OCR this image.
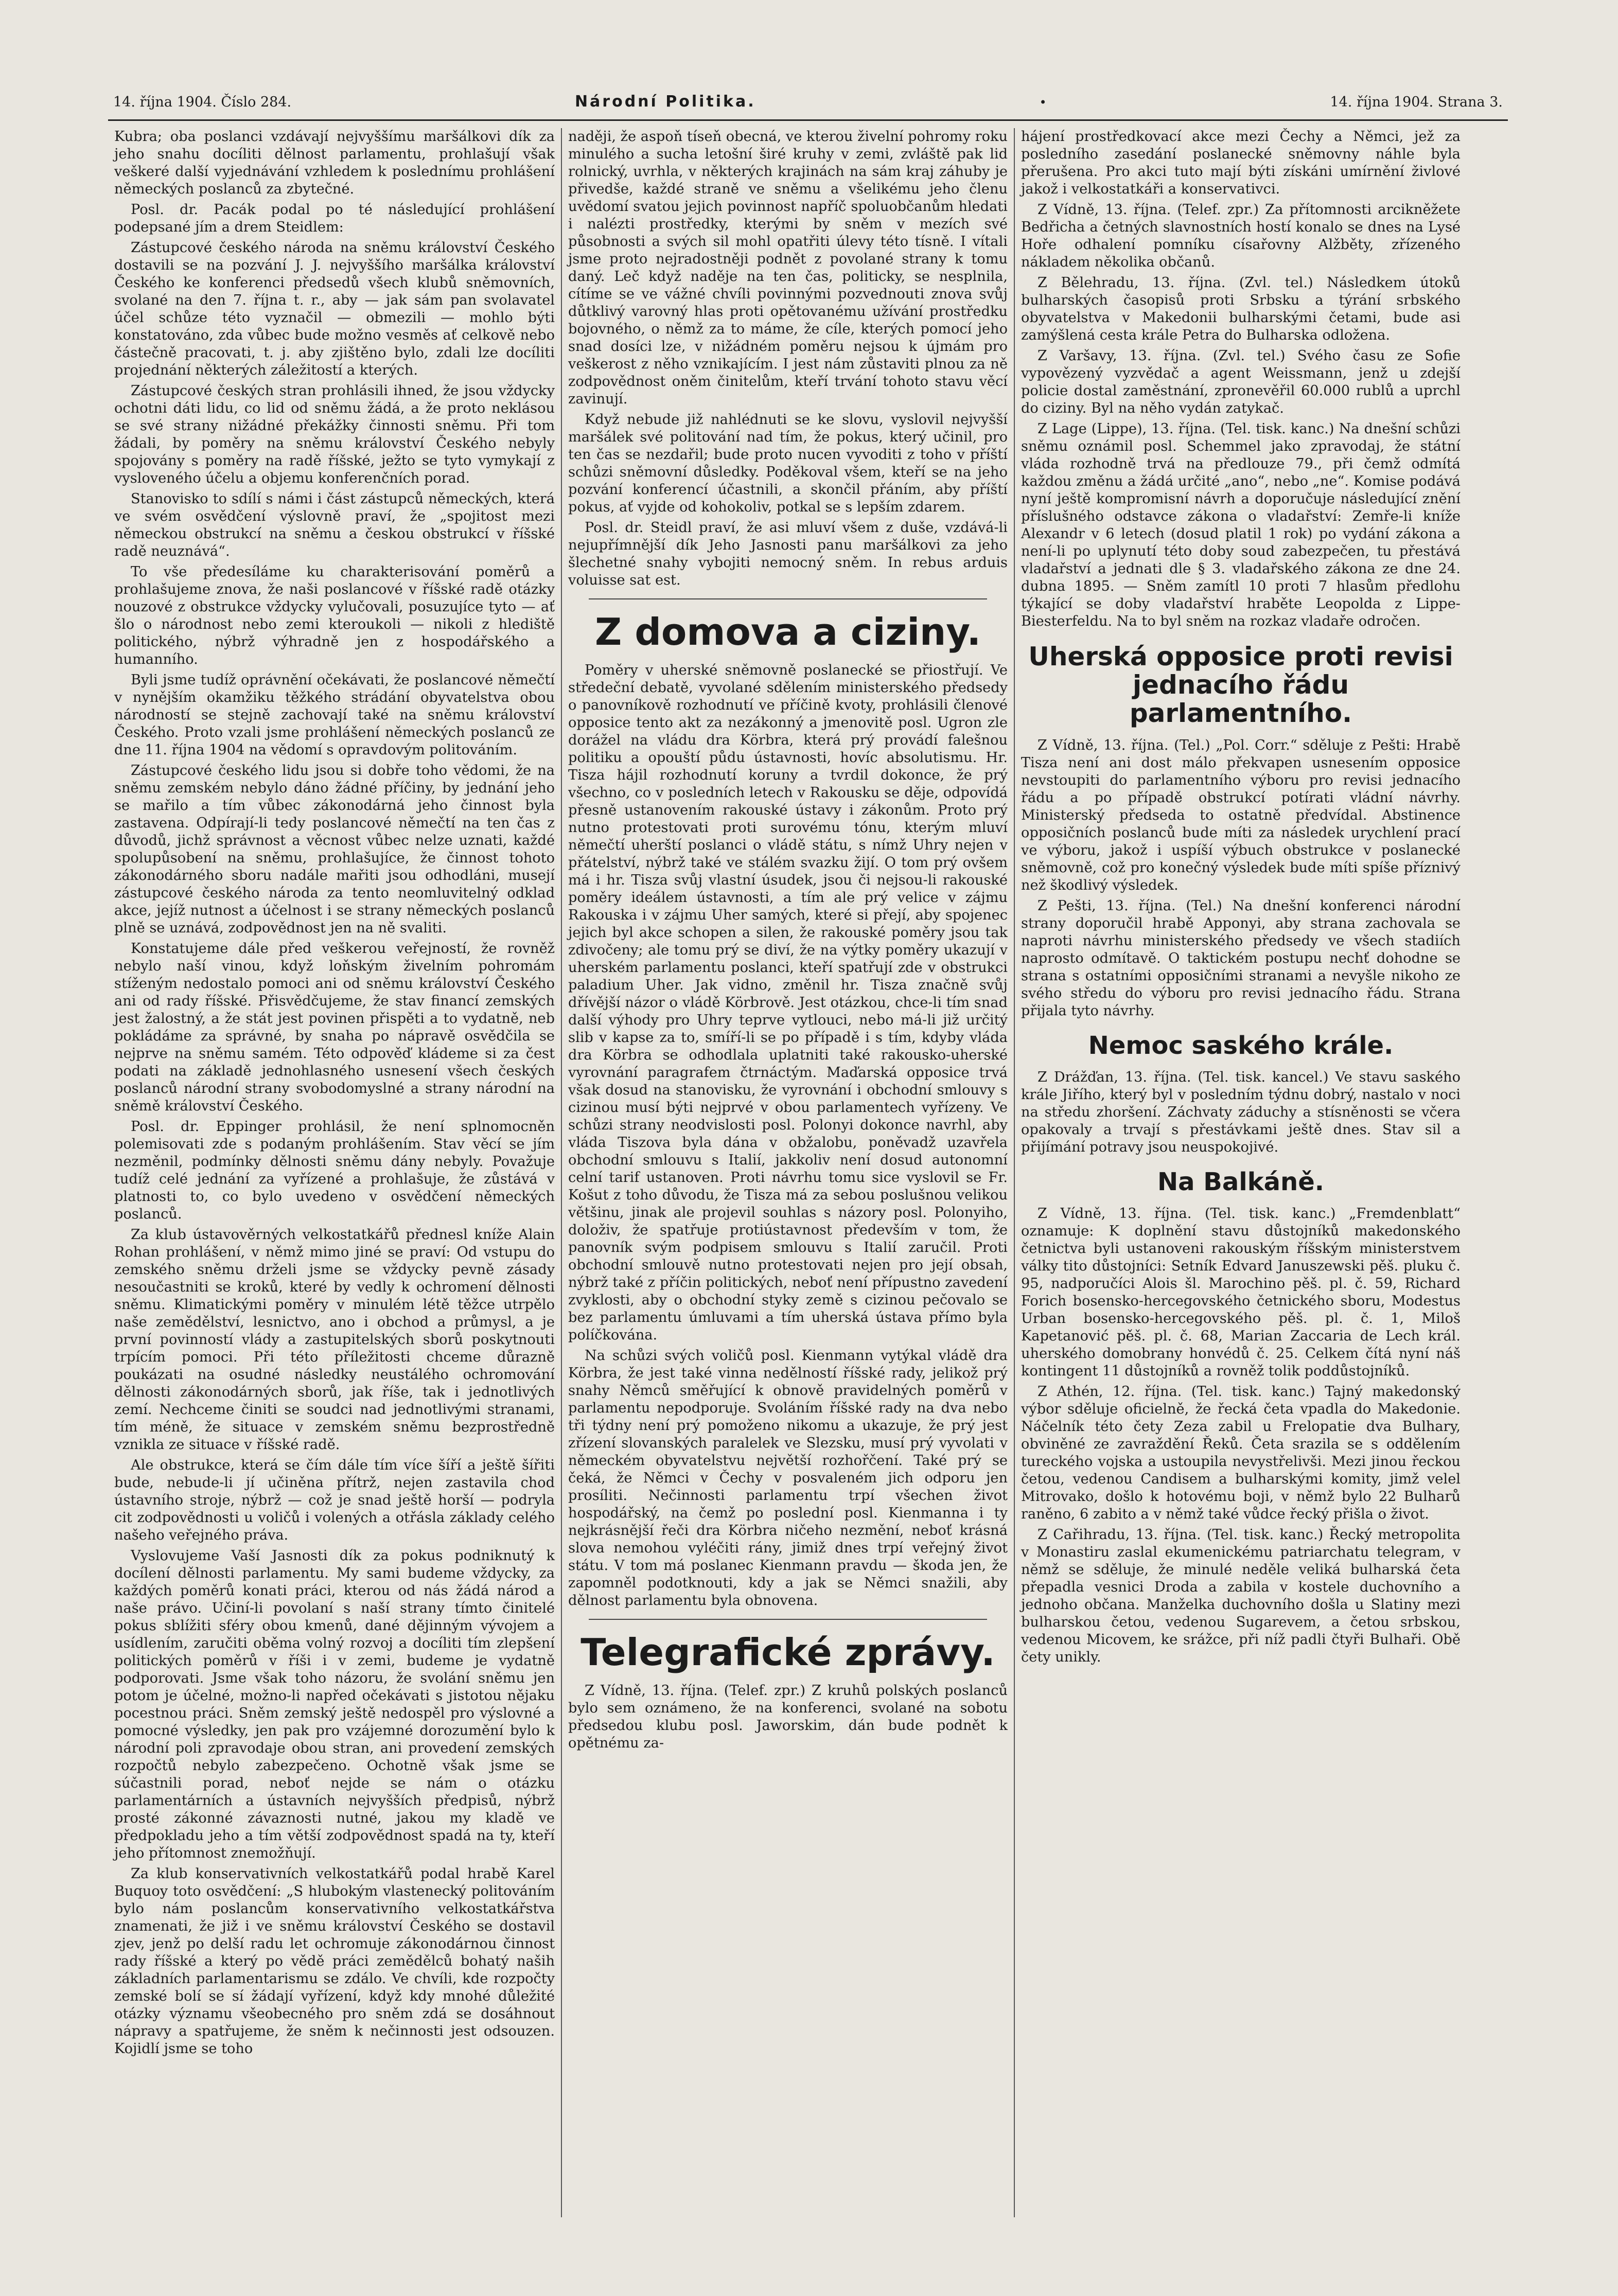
14. října 1904. Číslo 284.	Národní Politika.	•	14. října 1904. Strana 3.

Kubra; oba poslanci vzdávají nejvyššímu maršálkovi dík za jeho snahu docíliti dělnost parlamentu, prohlašují však veškeré další vyjednávání vzhledem k poslednímu prohlášení německých poslanců za zbytečné.

Posl. dr. Pacák podal po té následující prohlášení podepsané jím a drem Steidlem:

Zástupcové českého národa na sněmu království Českého dostavili se na pozvání J. J. nejvyššího maršálka království Českého ke konferenci předsedů všech klubů sněmovních, svolané na den 7. října t. r., aby — jak sám pan svolavatel účel schůze této vyznačil — obmezili — mohlo býti konstatováno, zda vůbec bude možno vesměs ať celkově nebo částečně pracovati, t. j. aby zjištěno bylo, zdali lze docíliti projednání některých záležitostí a kterých.

Zástupcové českých stran prohlásili ihned, že jsou vždycky ochotni dáti lidu, co lid od sněmu žádá, a že proto neklásou se své strany nižádné překážky činnosti sněmu. Při tom žádali, by poměry na sněmu království Českého nebyly spojovány s poměry na radě říšské, ježto se tyto vymykají z vysloveného účelu a objemu konferenčních porad.

Stanovisko to sdílí s námi i část zástupců německých, která ve svém osvědčení výslovně praví, že „spojitost mezi německou obstrukcí na sněmu a českou obstrukcí v říšské radě neuznává“.

To vše předesíláme ku charakterisování poměrů a prohlašujeme znova, že naši poslancové v říšské radě otázky nouzové z obstrukce vždycky vylučovali, posuzujíce tyto — ať šlo o národnost nebo zemi kteroukoli — nikoli z hlediště politického, nýbrž výhradně jen z hospodářského a humanního.

Byli jsme tudíž oprávnění očekávati, že poslancové němečtí v nynějším okamžiku těžkého strádání obyvatelstva obou národností se stejně zachovají také na sněmu království Českého. Proto vzali jsme prohlášení německých poslanců ze dne 11. října 1904 na vědomí s opravdovým politováním.

Zástupcové českého lidu jsou si dobře toho vědomi, že na sněmu zemském nebylo dáno žádné příčiny, by jednání jeho se mařilo a tím vůbec zákonodárná jeho činnost byla zastavena. Odpírají-li tedy poslancové němečtí na ten čas z důvodů, jichž správnost a věcnost vůbec nelze uznati, každé spolupůsobení na sněmu, prohlašujíce, že činnost tohoto zákonodárného sboru nadále mařiti jsou odhodláni, musejí zástupcové českého národa za tento neomluvitelný odklad akce, jejíž nutnost a účelnost i se strany německých poslanců plně se uznává, zodpovědnost jen na ně svaliti.

Konstatujeme dále před veškerou veřejností, že rovněž nebylo naší vinou, když loňským živelním pohromám stíženým nedostalo pomoci ani od sněmu království Českého ani od rady říšské. Přisvědčujeme, že stav financí zemských jest žalostný, a že stát jest povinen přispěti a to vydatně, neb pokládáme za správné, by snaha po nápravě osvědčila se nejprve na sněmu samém. Této odpověď kládeme si za čest podati na základě jednohlasného usnesení všech českých poslanců národní strany svobodomyslné a strany národní na sněmě království Českého.

Posl. dr. Eppinger prohlásil, že není splnomocněn polemisovati zde s podaným prohlášením. Stav věcí se jím nezměnil, podmínky dělnosti sněmu dány nebyly. Považuje tudíž celé jednání za vyřízené a prohlašuje, že zůstává v platnosti to, co bylo uvedeno v osvědčení německých poslanců.

Za klub ústavověrných velkostatkářů přednesl kníže Alain Rohan prohlášení, v němž mimo jiné se praví: Od vstupu do zemského sněmu drželi jsme se vždycky pevně zásady nesoučastniti se kroků, které by vedly k ochromení dělnosti sněmu. Klimatickými poměry v minulém létě těžce utrpělo naše zemědělství, lesnictvo, ano i obchod a průmysl, a je první povinností vlády a zastupitelských sborů poskytnouti trpícím pomoci. Při této příležitosti chceme důrazně poukázati na osudné následky neustálého ochromování dělnosti zákonodárných sborů, jak říše, tak i jednotlivých zemí. Nechceme činiti se soudci nad jednotlivými stranami, tím méně, že situace v zemském sněmu bezprostředně vznikla ze situace v říšské radě.

Ale obstrukce, která se čím dále tím více šíří a ještě šířiti bude, nebude-li jí učiněna přítrž, nejen zastavila chod ústavního stroje, nýbrž — což je snad ještě horší — podryla cit zodpovědnosti u voličů i volených a otřásla základy celého našeho veřejného práva.

Vyslovujeme Vaší Jasnosti dík za pokus podniknutý k docílení dělnosti parlamentu. My sami budeme vždycky, za každých poměrů konati práci, kterou od nás žádá národ a naše právo. Učiní-li povolaní s naší strany tímto činitelé pokus sblížiti sféry obou kmenů, dané dějinným vývojem a usídlením, zaručiti oběma volný rozvoj a docíliti tím zlepšení politických poměrů v říši i v zemi, budeme je vydatně podporovati. Jsme však toho názoru, že svolání sněmu jen potom je účelné, možno-li napřed očekávati s jistotou nějaku pocestnou práci. Sněm zemský ještě nedospěl pro výslovné a pomocné výsledky, jen pak pro vzájemné dorozumění bylo k národní poli zpravodaje obou stran, ani provedení zemských rozpočtů nebylo zabezpečeno. Ochotně však jsme se súčastnili porad, neboť nejde se nám o otázku parlamentárních a ústavních nejvyšších předpisů, nýbrž prosté zákonné závaznosti nutné, jakou my kladě ve předpokladu jeho a tím větší zodpovědnost spadá na ty, kteří jeho přítomnost znemožňují.

Za klub konservativních velkostatkářů podal hrabě Karel Buquoy toto osvědčení: „S hlubokým vlastenecký politováním bylo nám poslancům konservativního velkostatkářstva znamenati, že již i ve sněmu království Českého se dostavil zjev, jenž po delší radu let ochromuje zákonodárnou činnost rady říšské a který po vědě práci zemědělců bohatý naših základních parlamentarismu se zdálo. Ve chvíli, kde rozpočty zemské bolí se sí žádají vyřízení, když kdy mnohé důležité otázky významu všeobecného pro sněm zdá se dosáhnout nápravy a spatřujeme, že sněm k nečinnosti jest odsouzen. Kojidlí jsme se toho

naději, že aspoň tíseň obecná, ve kterou živelní pohromy roku minulého a sucha letošní širé kruhy v zemi, zvláště pak lid rolnický, uvrhla, v některých krajinách na sám kraj záhuby je přivedše, každé straně ve sněmu a všelikému jeho členu uvědomí svatou jejich povinnost napříč spoluobčanům hledati i nalézti prostředky, kterými by sněm v mezích své působnosti a svých sil mohl opatřiti úlevy této tísně. I vítali jsme proto nejradostněji podnět z povolané strany k tomu daný. Leč když naděje na ten čas, politicky, se nesplnila, cítíme se ve vážné chvíli povinnými pozvednouti znova svůj důtklivý varovný hlas proti opětovanému užívání prostředku bojovného, o němž za to máme, že cíle, kterých pomocí jeho snad dosíci lze, v nižádném poměru nejsou k újmám pro veškerost z něho vznikajícím. I jest nám zůstaviti plnou za ně zodpovědnost oněm činitelům, kteří trvání tohoto stavu věcí zavinují.

Když nebude již nahlédnuti se ke slovu, vyslovil nejvyšší maršálek své politování nad tím, že pokus, který učinil, pro ten čas se nezdařil; bude proto nucen vyvoditi z toho v příští schůzi sněmovní důsledky. Poděkoval všem, kteří se na jeho pozvání konferencí účastnili, a skončil přáním, aby příští pokus, ať vyjde od kohokoliv, potkal se s lepším zdarem.

Posl. dr. Steidl praví, že asi mluví všem z duše, vzdává-li nejupřímnější dík Jeho Jasnosti panu maršálkovi za jeho šlechetné snahy vybojiti nemocný sněm. In rebus arduis voluisse sat est.

Z domova a ciziny.

Poměry v uherské sněmovně poslanecké se přiostřují. Ve středeční debatě, vyvolané sdělením ministerského předsedy o panovníkově rozhodnutí ve příčině kvoty, prohlásili členové opposice tento akt za nezákonný a jmenovitě posl. Ugron zle dorážel na vládu dra Körbra, která prý provádí falešnou politiku a opouští půdu ústavnosti, hovíc absolutismu. Hr. Tisza hájil rozhodnutí koruny a tvrdil dokonce, že prý všechno, co v posledních letech v Rakousku se děje, odpovídá přesně ustanovením rakouské ústavy i zákonům. Proto prý nutno protestovati proti surovému tónu, kterým mluví němečtí uherští poslanci o vládě státu, s nímž Uhry nejen v přátelství, nýbrž také ve stálém svazku žijí. O tom prý ovšem má i hr. Tisza svůj vlastní úsudek, jsou či nejsou-li rakouské poměry ideálem ústavnosti, a tím ale prý velice v zájmu Rakouska i v zájmu Uher samých, které si přejí, aby spojenec jejich byl akce schopen a silen, že rakouské poměry jsou tak zdivočeny; ale tomu prý se diví, že na výtky poměry ukazují v uherském parlamentu poslanci, kteří spatřují zde v obstrukci paladium Uher. Jak vidno, změnil hr. Tisza značně svůj dřívější názor o vládě Körbrově. Jest otázkou, chce-li tím snad další výhody pro Uhry teprve vytlouci, nebo má-li již určitý slib v kapse za to, smíří-li se po případě i s tím, kdyby vláda dra Körbra se odhodlala uplatniti také rakousko-uherské vyrovnání paragrafem čtrnáctým. Maďarská opposice trvá však dosud na stanovisku, že vyrovnání i obchodní smlouvy s cizinou musí býti nejprvé v obou parlamentech vyřízeny. Ve schůzi strany neodvislosti posl. Polonyi dokonce navrhl, aby vláda Tiszova byla dána v obžalobu, poněvadž uzavřela obchodní smlouvu s Italií, jakkoliv není dosud autonomní celní tarif ustanoven. Proti návrhu tomu sice vyslovil se Fr. Košut z toho důvodu, že Tisza má za sebou poslušnou velikou většinu, jinak ale projevil souhlas s názory posl. Polonyiho, doloživ, že spatřuje protiústavnost především v tom, že panovník svým podpisem smlouvu s Italií zaručil. Proti obchodní smlouvě nutno protestovati nejen pro její obsah, nýbrž také z příčin politických, neboť není přípustno zavedení zvyklosti, aby o obchodní styky země s cizinou pečovalo se bez parlamentu úmluvami a tím uherská ústava přímo byla políčkována.

Na schůzi svých voličů posl. Kienmann vytýkal vládě dra Körbra, že jest také vinna nedělností říšské rady, jelikož prý snahy Němců směřující k obnově pravidelných poměrů v parlamentu nepodporuje. Svoláním říšské rady na dva nebo tři týdny není prý pomoženo nikomu a ukazuje, že prý jest zřízení slovanských paralelek ve Slezsku, musí prý vyvolati v německém obyvatelstvu největší rozhořčení. Také prý se čeká, že Němci v Čechy v posvaleném jich odporu jen prosíliti. Nečinnosti parlamentu trpí všechen život hospodářský, na čemž po poslední posl. Kienmanna i ty nejkrásnější řeči dra Körbra ničeho nezmění, neboť krásná slova nemohou vyléčiti rány, jimiž dnes trpí veřejný život státu. V tom má poslanec Kienmann pravdu — škoda jen, že zapomněl podotknouti, kdy a jak se Němci snažili, aby dělnost parlamentu byla obnovena.

Telegrafické zprávy.

Z Vídně, 13. října. (Telef. zpr.) Z kruhů polských poslanců bylo sem oznámeno, že na konferenci, svolané na sobotu předsedou klubu posl. Jaworskim, dán bude podnět k opětnému za-

hájení prostředkovací akce mezi Čechy a Němci, jež za posledního zasedání poslanecké sněmovny náhle byla přerušena. Pro akci tuto mají býti získáni umírnění živlové jakož i velkostatkáři a konservativci.

Z Vídně, 13. října. (Telef. zpr.) Za přítomnosti arcikněžete Bedřicha a četných slavnostních hostí konalo se dnes na Lysé Hoře odhalení pomníku císařovny Alžběty, zřízeného nákladem několika občanů.

Z Bělehradu, 13. října. (Zvl. tel.) Následkem útoků bulharských časopisů proti Srbsku a týrání srbského obyvatelstva v Makedonii bulharskými četami, bude asi zamýšlená cesta krále Petra do Bulharska odložena.

Z Varšavy, 13. října. (Zvl. tel.) Svého času ze Sofie vypovězený vyzvědač a agent Weissmann, jenž u zdejší policie dostal zaměstnání, zpronevěřil 60.000 rublů a uprchl do ciziny. Byl na něho vydán zatykač.

Z Lage (Lippe), 13. října. (Tel. tisk. kanc.) Na dnešní schůzi sněmu oznámil posl. Schemmel jako zpravodaj, že státní vláda rozhodně trvá na předlouze 79., při čemž odmítá každou změnu a žádá určité „ano“, nebo „ne“. Komise podává nyní ještě kompromisní návrh a doporučuje následující znění příslušného odstavce zákona o vladařství: Zemře-li kníže Alexandr v 6 letech (dosud platil 1 rok) po vydání zákona a není-li po uplynutí této doby soud zabezpečen, tu přestává vladařství a jednati dle § 3. vladařského zákona ze dne 24. dubna 1895. — Sněm zamítl 10 proti 7 hlasům předlohu týkající se doby vladařství hraběte Leopolda z Lippe-Biesterfeldu. Na to byl sněm na rozkaz vladaře odročen.

Uherská opposice proti revisi jednacího řádu parlamentního.

Z Vídně, 13. října. (Tel.) „Pol. Corr.“ sděluje z Pešti: Hrabě Tisza není ani dost málo překvapen usnesením opposice nevstoupiti do parlamentního výboru pro revisi jednacího řádu a po případě obstrukcí potírati vládní návrhy. Ministerský předseda to ostatně předvídal. Abstinence opposičních poslanců bude míti za následek urychlení prací ve výboru, jakož i uspíší výbuch obstrukce v poslanecké sněmovně, což pro konečný výsledek bude míti spíše příznivý než škodlivý výsledek.

Z Pešti, 13. října. (Tel.) Na dnešní konferenci národní strany doporučil hrabě Apponyi, aby strana zachovala se naproti návrhu ministerského předsedy ve všech stadiích naprosto odmítavě. O taktickém postupu nechť dohodne se strana s ostatními opposičními stranami a nevyšle nikoho ze svého středu do výboru pro revisi jednacího řádu. Strana přijala tyto návrhy.

Nemoc saského krále.

Z Drážďan, 13. října. (Tel. tisk. kancel.) Ve stavu saského krále Jiřího, který byl v posledním týdnu dobrý, nastalo v noci na středu zhoršení. Záchvaty záduchy a stísněnosti se včera opakovaly a trvají s přestávkami ještě dnes. Stav sil a přijímání potravy jsou neuspokojivé.

Na Balkáně.

Z Vídně, 13. října. (Tel. tisk. kanc.) „Fremdenblatt“ oznamuje: K doplnění stavu důstojníků makedonského četnictva byli ustanoveni rakouským říšským ministerstvem války tito důstojníci: Setník Edvard Januszewski pěš. pluku č. 95, nadporučíci Alois šl. Marochino pěš. pl. č. 59, Richard Forich bosensko-hercegovského četnického sboru, Modestus Urban bosensko-hercegovského pěš. pl. č. 1, Miloš Kapetanović pěš. pl. č. 68, Marian Zaccaria de Lech král. uherského domobrany honvédů č. 25. Celkem čítá nyní náš kontingent 11 důstojníků a rovněž tolik poddůstojníků.

Z Athén, 12. října. (Tel. tisk. kanc.) Tajný makedonský výbor sděluje oficielně, že řecká četa vpadla do Makedonie. Náčelník této čety Zeza zabil u Frelopatie dva Bulhary, obviněné ze zavraždění Řeků. Četa srazila se s oddělením tureckého vojska a ustoupila nevystřelivši. Mezi jinou řeckou četou, vedenou Candisem a bulharskými komity, jimž velel Mitrovako, došlo k hotovému boji, v němž bylo 22 Bulharů raněno, 6 zabito a v němž také vůdce řecký přišla o život.

Z Cařihradu, 13. října. (Tel. tisk. kanc.) Řecký metropolita v Monastiru zaslal ekumenickému patriarchatu telegram, v němž se sděluje, že minulé neděle veliká bulharská četa přepadla vesnici Droda a zabila v kostele duchovního a jednoho občana. Manželka duchovního došla u Slatiny mezi bulharskou četou, vedenou Sugarevem, a četou srbskou, vedenou Micovem, ke srážce, při níž padli čtyři Bulhaři. Obě čety unikly.
